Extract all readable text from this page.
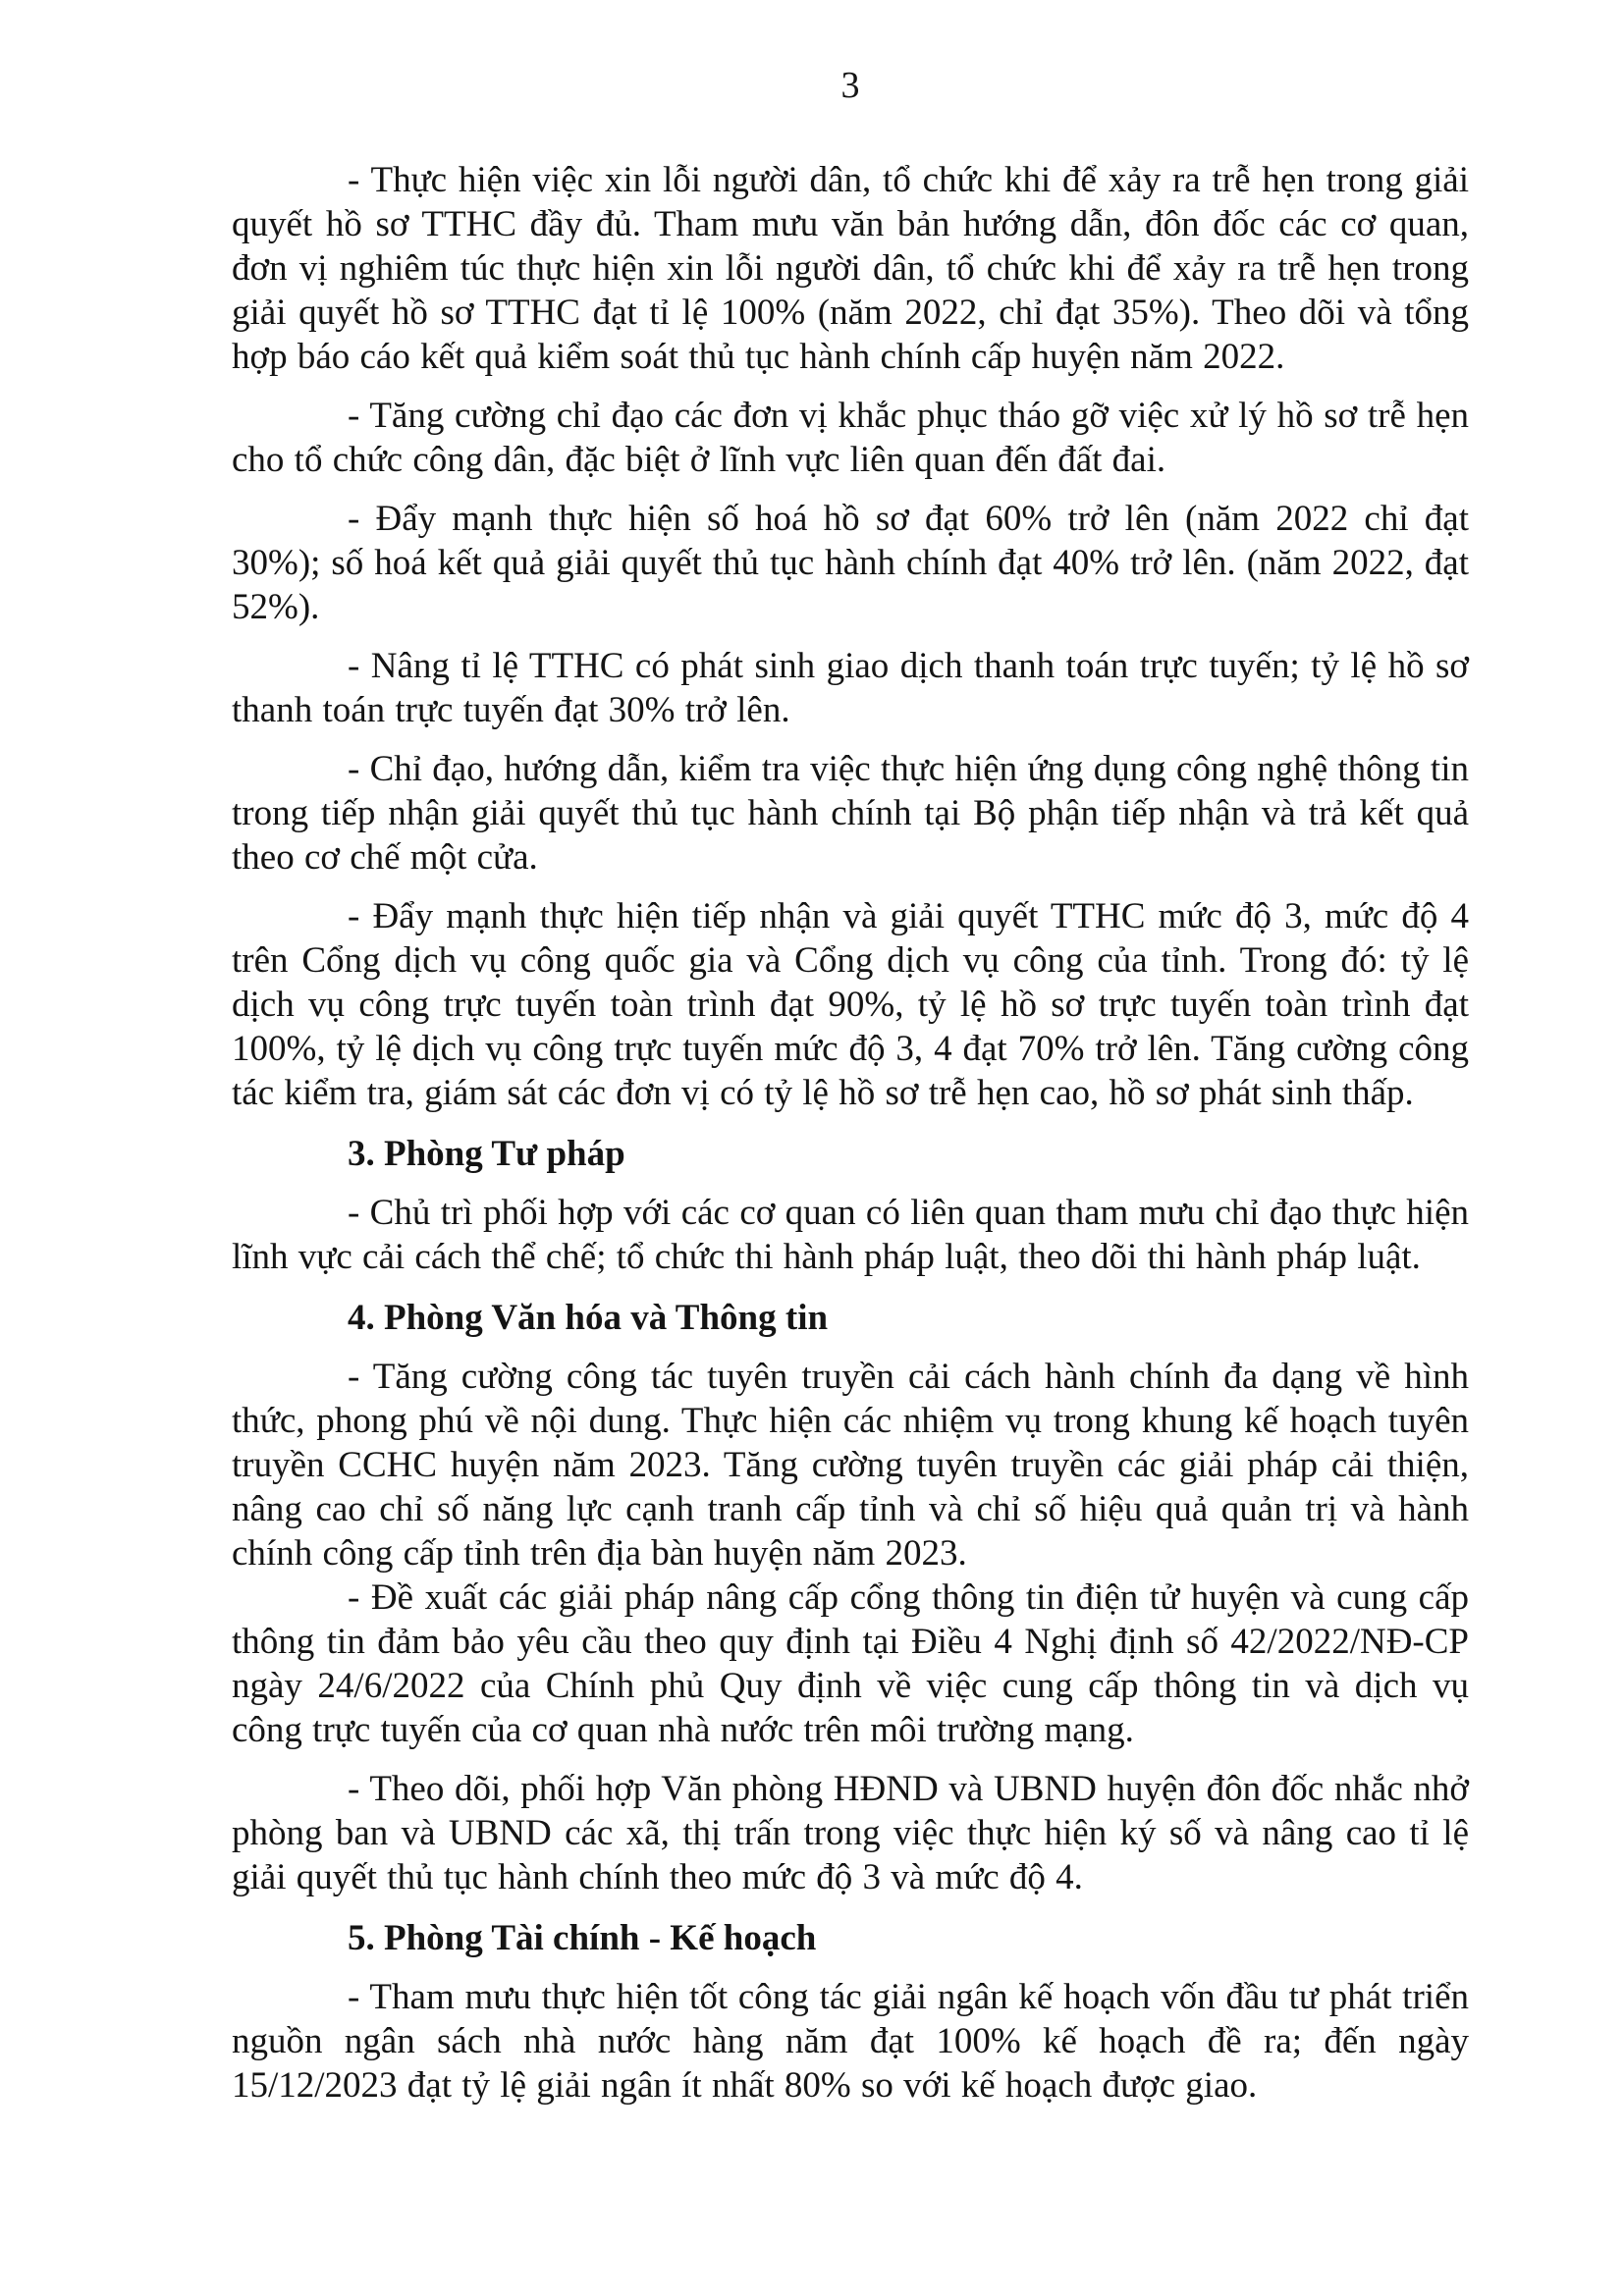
3

- Thực hiện việc xin lỗi người dân, tổ chức khi để xảy ra trễ hẹn trong giải quyết hồ sơ TTHC đầy đủ. Tham mưu văn bản hướng dẫn, đôn đốc các cơ quan, đơn vị nghiêm túc thực hiện xin lỗi người dân, tổ chức khi để xảy ra trễ hẹn trong giải quyết hồ sơ TTHC đạt tỉ lệ 100% (năm 2022, chỉ đạt 35%). Theo dõi và tổng hợp báo cáo kết quả kiểm soát thủ tục hành chính cấp huyện năm 2022.

- Tăng cường chỉ đạo các đơn vị khắc phục tháo gỡ việc xử lý hồ sơ trễ hẹn cho tổ chức công dân, đặc biệt ở lĩnh vực liên quan đến đất đai.

- Đẩy mạnh thực hiện số hoá hồ sơ đạt 60% trở lên (năm 2022 chỉ đạt 30%); số hoá kết quả giải quyết thủ tục hành chính đạt 40% trở lên. (năm 2022, đạt 52%).

- Nâng tỉ lệ TTHC có phát sinh giao dịch thanh toán trực tuyến; tỷ lệ hồ sơ thanh toán trực tuyến đạt 30% trở lên.

- Chỉ đạo, hướng dẫn, kiểm tra việc thực hiện ứng dụng công nghệ thông tin trong tiếp nhận giải quyết thủ tục hành chính tại Bộ phận tiếp nhận và trả kết quả theo cơ chế một cửa.

- Đẩy mạnh thực hiện tiếp nhận và giải quyết TTHC mức độ 3, mức độ 4 trên Cổng dịch vụ công quốc gia và Cổng dịch vụ công của tỉnh. Trong đó: tỷ lệ dịch vụ công trực tuyến toàn trình đạt 90%, tỷ lệ hồ sơ trực tuyến toàn trình đạt 100%, tỷ lệ dịch vụ công trực tuyến mức độ 3, 4 đạt 70% trở lên. Tăng cường công tác kiểm tra, giám sát các đơn vị có tỷ lệ hồ sơ trễ hẹn cao, hồ sơ phát sinh thấp.

3. Phòng Tư pháp

- Chủ trì phối hợp với các cơ quan có liên quan tham mưu chỉ đạo thực hiện lĩnh vực cải cách thể chế; tổ chức thi hành pháp luật, theo dõi thi hành pháp luật.

4. Phòng Văn hóa và Thông tin

- Tăng cường công tác tuyên truyền cải cách hành chính đa dạng về hình thức, phong phú về nội dung. Thực hiện các nhiệm vụ trong khung kế hoạch tuyên truyền CCHC huyện năm 2023. Tăng cường tuyên truyền các giải pháp cải thiện, nâng cao chỉ số năng lực cạnh tranh cấp tỉnh và chỉ số hiệu quả quản trị và hành chính công cấp tỉnh trên địa bàn huyện năm 2023.

- Đề xuất các giải pháp nâng cấp cổng thông tin điện tử huyện và cung cấp thông tin đảm bảo yêu cầu theo quy định tại Điều 4 Nghị định số 42/2022/NĐ-CP ngày 24/6/2022 của Chính phủ Quy định về việc cung cấp thông tin và dịch vụ công trực tuyến của cơ quan nhà nước trên môi trường mạng.

- Theo dõi, phối hợp Văn phòng HĐND và UBND huyện đôn đốc nhắc nhở phòng ban và UBND các xã, thị trấn trong việc thực hiện ký số và nâng cao tỉ lệ giải quyết thủ tục hành chính theo mức độ 3 và mức độ 4.

5. Phòng Tài chính - Kế hoạch

- Tham mưu thực hiện tốt công tác giải ngân kế hoạch vốn đầu tư phát triển nguồn ngân sách nhà nước hàng năm đạt 100% kế hoạch đề ra; đến ngày 15/12/2023 đạt tỷ lệ giải ngân ít nhất 80% so với kế hoạch được giao.
